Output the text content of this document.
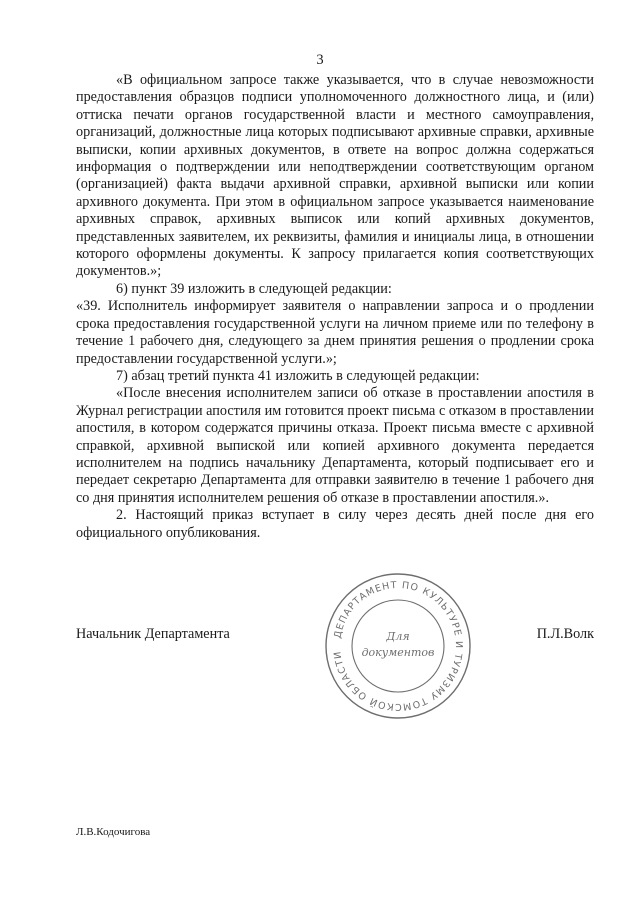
3

«В официальном запросе также указывается, что в случае невозможности предоставления образцов подписи уполномоченного должностного лица, и (или) оттиска печати органов государственной власти и местного самоуправления, организаций, должностные лица которых подписывают архивные справки, архивные выписки, копии архивных документов, в ответе на вопрос должна содержаться информация о подтверждении или неподтверждении соответствующим органом (организацией) факта выдачи архивной справки, архивной выписки или копии архивного документа. При этом в официальном запросе указывается наименование архивных справок, архивных выписок или копий архивных документов, представленных заявителем, их реквизиты, фамилия и инициалы лица, в отношении которого оформлены документы. К запросу прилагается копия соответствующих документов.»;

6) пункт 39 изложить в следующей редакции:

«39. Исполнитель информирует заявителя о направлении запроса и о продлении срока предоставления государственной услуги на личном приеме или по телефону в течение 1 рабочего дня, следующего за днем принятия решения о продлении срока предоставлении государственной услуги.»;

7) абзац третий пункта 41 изложить в следующей редакции:

«После внесения исполнителем записи об отказе в проставлении апостиля в Журнал регистрации апостиля им готовится проект письма с отказом в проставлении апостиля, в котором содержатся причины отказа. Проект письма вместе с архивной справкой, архивной выпиской или копией архивного документа передается исполнителем на подпись начальнику Департамента, который подписывает его и передает секретарю Департамента для отправки заявителю в течение 1 рабочего дня со дня принятия исполнителем решения об отказе в проставлении апостиля.».

2. Настоящий приказ вступает в силу через десять дней после дня его официального опубликования.

Начальник Департамента	П.Л.Волк
ДЕПАРТАМЕНТ ПО КУЛЬТУРЕ И ТУРИЗМУ ТОМСКОЙ ОБЛАСТИ
Для
документов
Л.В.Кодочигова
